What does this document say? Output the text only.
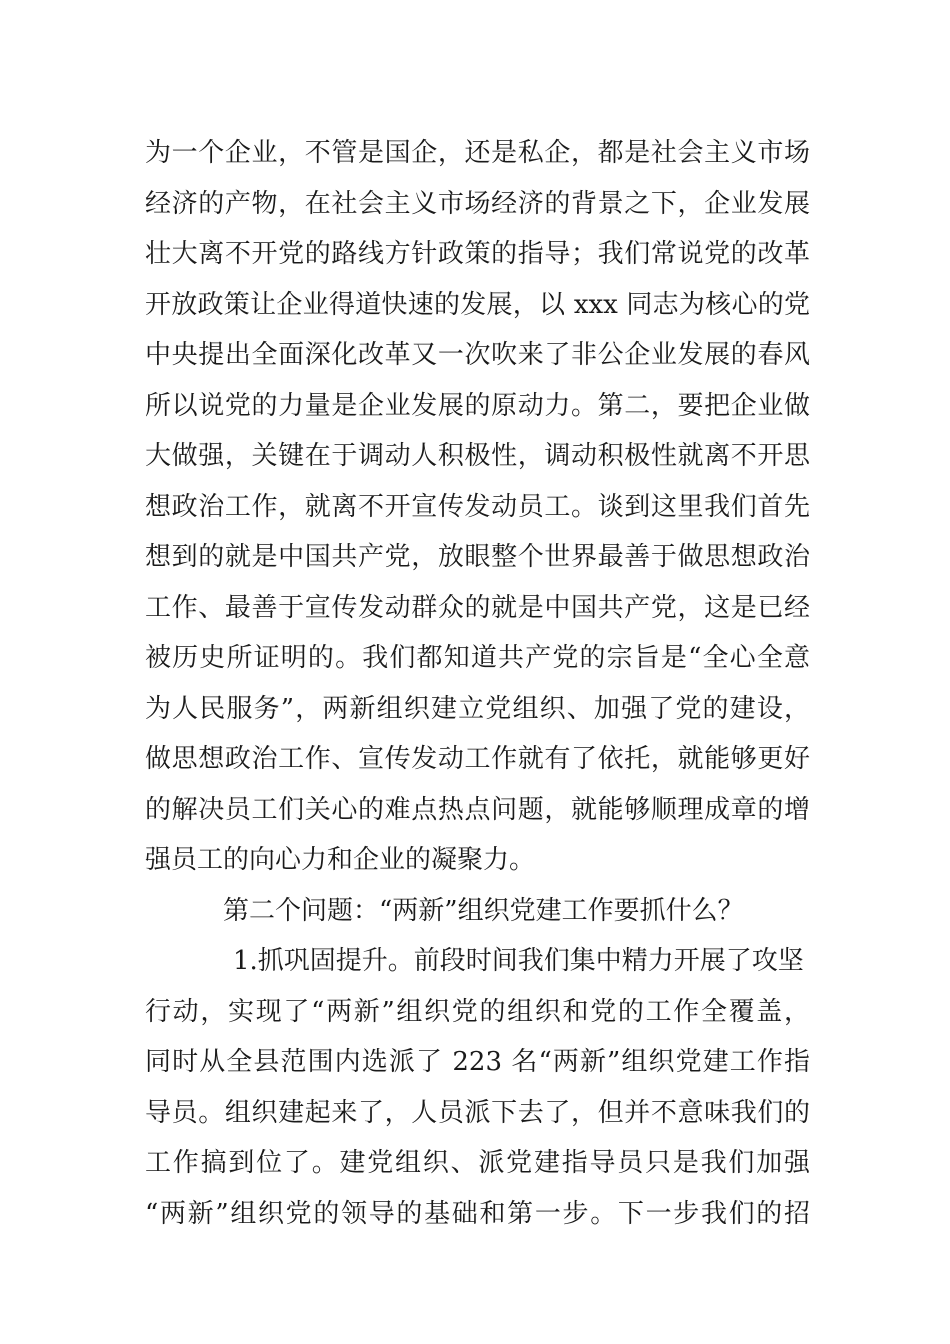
为一个企业，不管是国企，还是私企，都是社会主义市场
经济的产物，在社会主义市场经济的背景之下，企业发展
壮大离不开党的路线方针政策的指导；我们常说党的改革
开放政策让企业得道快速的发展，以 xxx 同志为核心的党
中央提出全面深化改革又一次吹来了非公企业发展的春风
所以说党的力量是企业发展的原动力。第二，要把企业做
大做强，关键在于调动人积极性，调动积极性就离不开思
想政治工作，就离不开宣传发动员工。谈到这里我们首先
想到的就是中国共产党，放眼整个世界最善于做思想政治
工作、最善于宣传发动群众的就是中国共产党，这是已经
被历史所证明的。我们都知道共产党的宗旨是“全心全意
为人民服务”，两新组织建立党组织、加强了党的建设，
做思想政治工作、宣传发动工作就有了依托，就能够更好
的解决员工们关心的难点热点问题，就能够顺理成章的增
强员工的向心力和企业的凝聚力。
第二个问题：“两新”组织党建工作要抓什么？
1.抓巩固提升。前段时间我们集中精力开展了攻坚
行动，实现了“两新”组织党的组织和党的工作全覆盖，
同时从全县范围内选派了 223 名“两新”组织党建工作指
导员。组织建起来了，人员派下去了，但并不意味我们的
工作搞到位了。建党组织、派党建指导员只是我们加强
“两新”组织党的领导的基础和第一步。下一步我们的招
